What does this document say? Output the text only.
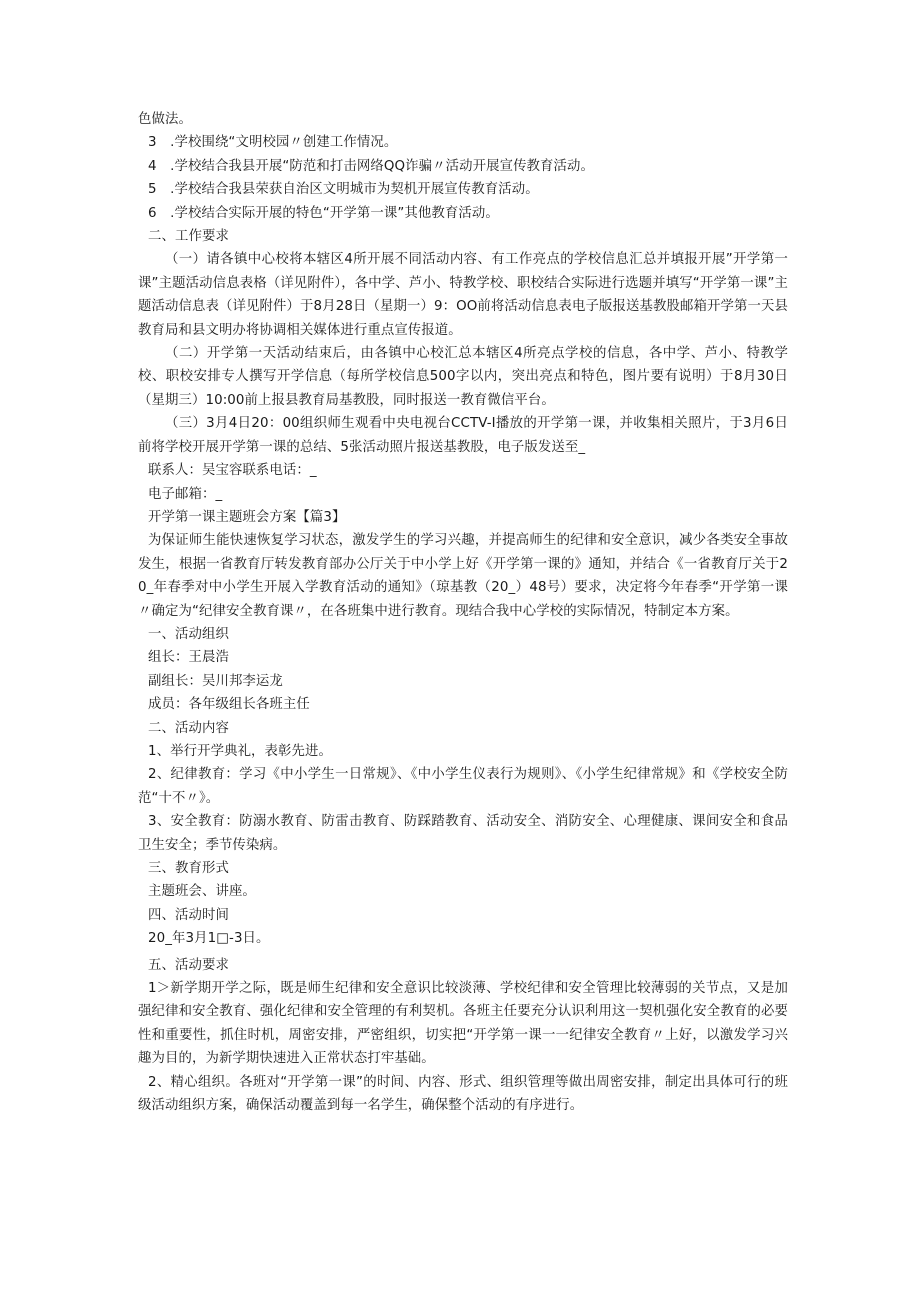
色做法。

3　.学校围绕“文明校园〃创建工作情况。

4　.学校结合我县开展“防范和打击网络QQ诈骗〃活动开展宣传教育活动。

5　.学校结合我县荣获自治区文明城市为契机开展宣传教育活动。

6　.学校结合实际开展的特色“开学第一课”其他教育活动。

二、工作要求

（一）请各镇中心校将本辖区4所开展不同活动内容、有工作亮点的学校信息汇总并填报开展”开学第一课”主题活动信息表格（详见附件），各中学、芦小、特教学校、职校结合实际进行选题并填写“开学第一课”主题活动信息表（详见附件）于8月28日（星期一）9：OO前将活动信息表电子版报送基教股邮箱开学第一天县教育局和县文明办将协调相关媒体进行重点宣传报道。

（二）开学第一天活动结束后，由各镇中心校汇总本辖区4所亮点学校的信息，各中学、芦小、特教学校、职校安排专人撰写开学信息（每所学校信息500字以内，突出亮点和特色，图片要有说明）于8月30日（星期三）10:00前上报县教育局基教股，同时报送一教育微信平台。

（三）3月4日20：00组织师生观看中央电视台CCTV-I播放的开学第一课，并收集相关照片，于3月6日前将学校开展开学第一课的总结、5张活动照片报送基教股，电子版发送至_

联系人：吴宝容联系电话：_

电子邮箱：_

开学第一课主题班会方案【篇3】

为保证师生能快速恢复学习状态，激发学生的学习兴趣，并提高师生的纪律和安全意识，减少各类安全事故发生，根据一省教育厅转发教育部办公厅关于中小学上好《开学第一课的》通知，并结合《一省教育厅关于20_年春季对中小学生开展入学教育活动的通知》（琼基教（20_）48号）要求，决定将今年春季“开学第一课〃确定为“纪律安全教育课〃，在各班集中进行教育。现结合我中心学校的实际情况，特制定本方案。

一、活动组织

组长：王晨浩

副组长：吴川邦李运龙

成员：各年级组长各班主任

二、活动内容

1、举行开学典礼，表彰先进。

2、纪律教育：学习《中小学生一日常规》、《中小学生仪表行为规则》、《小学生纪律常规》和《学校安全防范“十不〃》。

3、安全教育：防溺水教育、防雷击教育、防踩踏教育、活动安全、消防安全、心理健康、课间安全和食品卫生安全；季节传染病。

三、教育形式

主题班会、讲座。

四、活动时间

20_年3月1□-3日。

五、活动要求

1＞新学期开学之际，既是师生纪律和安全意识比较淡薄、学校纪律和安全管理比较薄弱的关节点，又是加强纪律和安全教育、强化纪律和安全管理的有利契机。各班主任要充分认识利用这一契机强化安全教育的必要性和重要性，抓住时机，周密安排，严密组织，切实把“开学第一课一一纪律安全教育〃上好，以激发学习兴趣为目的，为新学期快速进入正常状态打牢基础。

2、精心组织。各班对“开学第一课”的时间、内容、形式、组织管理等做出周密安排，制定出具体可行的班级活动组织方案，确保活动覆盖到每一名学生，确保整个活动的有序进行。
